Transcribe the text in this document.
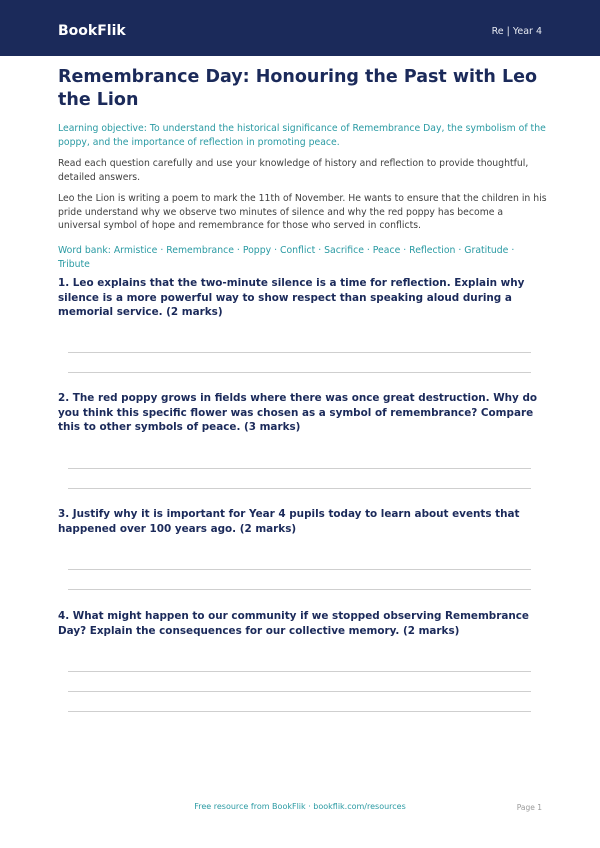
BookFlik	Re | Year 4
Remembrance Day: Honouring the Past with Leo the Lion

Learning objective: To understand the historical significance of Remembrance Day, the symbolism of the poppy, and the importance of reflection in promoting peace.

Read each question carefully and use your knowledge of history and reflection to provide thoughtful, detailed answers.

Leo the Lion is writing a poem to mark the 11th of November. He wants to ensure that the children in his pride understand why we observe two minutes of silence and why the red poppy has become a universal symbol of hope and remembrance for those who served in conflicts.

Word bank: Armistice · Remembrance · Poppy · Conflict · Sacrifice · Peace · Reflection · Gratitude · Tribute

1. Leo explains that the two-minute silence is a time for reflection. Explain why silence is a more powerful way to show respect than speaking aloud during a memorial service. (2 marks)

2. The red poppy grows in fields where there was once great destruction. Why do you think this specific flower was chosen as a symbol of remembrance? Compare this to other symbols of peace. (3 marks)

3. Justify why it is important for Year 4 pupils today to learn about events that happened over 100 years ago. (2 marks)

4. What might happen to our community if we stopped observing Remembrance Day? Explain the consequences for our collective memory. (2 marks)

Free resource from BookFlik · bookflik.com/resources	Page 1
